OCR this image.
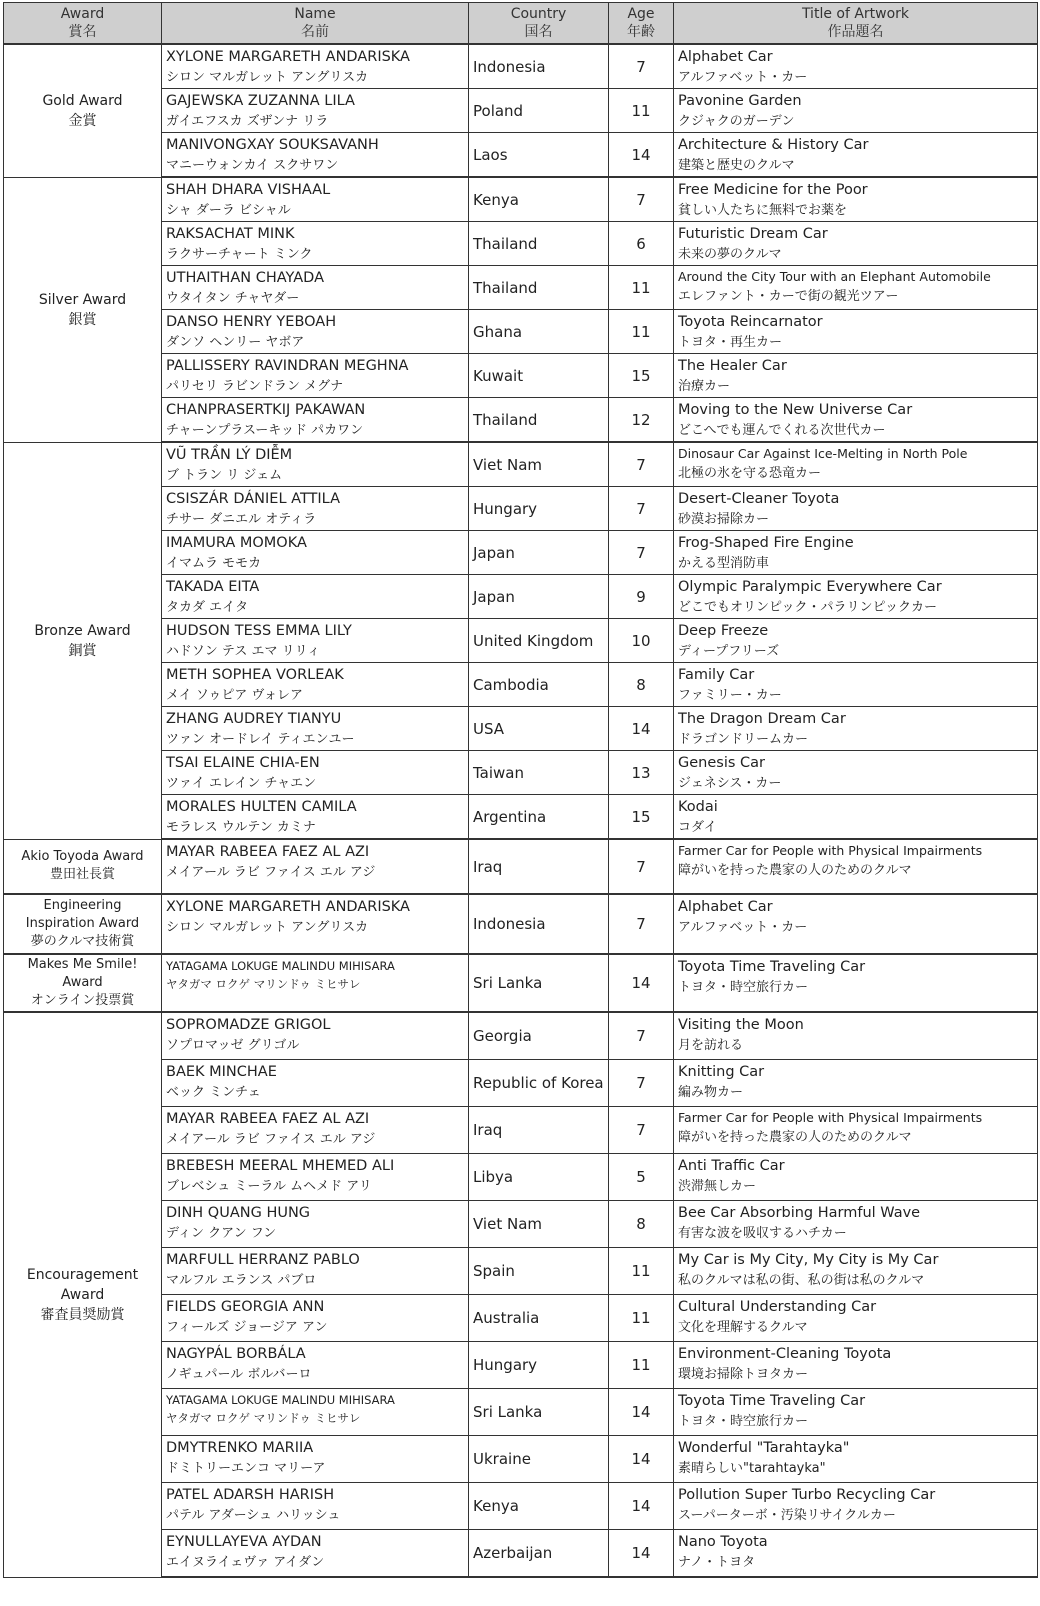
Award
賞名	Name
名前	Country
国名	Age
年齢	Title of Artwork
作品題名
Gold Award
金賞	XYLONE MARGARETH ANDARISKA
シロン マルガレット アングリスカ	Indonesia	7	Alphabet Car
アルファベット・カー

	GAJEWSKA ZUZANNA LILA
ガイエフスカ ズザンナ リラ	Poland	11	Pavonine Garden
クジャクのガーデン

	MANIVONGXAY SOUKSAVANH
マニーウォンカイ スクサワン	Laos	14	Architecture & History Car
建築と歴史のクルマ

Silver Award
銀賞	SHAH DHARA VISHAAL
シャ ダーラ ビシャル	Kenya	7	Free Medicine for the Poor
貧しい人たちに無料でお薬を

	RAKSACHAT MINK
ラクサーチャート ミンク	Thailand	6	Futuristic Dream Car
未来の夢のクルマ

	UTHAITHAN CHAYADA
ウタイタン チャヤダー	Thailand	11	Around the City Tour with an Elephant Automobile
エレファント・カーで街の観光ツアー

	DANSO HENRY YEBOAH
ダンソ ヘンリー ヤボア	Ghana	11	Toyota Reincarnator
トヨタ・再生カー

	PALLISSERY RAVINDRAN MEGHNA
パリセリ ラビンドラン メグナ	Kuwait	15	The Healer Car
治療カー

	CHANPRASERTKIJ PAKAWAN
チャーンプラスーキッド パカワン	Thailand	12	Moving to the New Universe Car
どこへでも運んでくれる次世代カー

Bronze Award
銅賞	VŨ TRẦN LÝ DIỄM
ブ トラン リ ジェム	Viet Nam	7	Dinosaur Car Against Ice-Melting in North Pole
北極の氷を守る恐竜カー

	CSISZÁR DÁNIEL ATTILA
チサー ダニエル オティラ	Hungary	7	Desert-Cleaner Toyota
砂漠お掃除カー

	IMAMURA MOMOKA
イマムラ モモカ	Japan	7	Frog-Shaped Fire Engine
かえる型消防車

	TAKADA EITA
タカダ エイタ	Japan	9	Olympic Paralympic Everywhere Car
どこでもオリンピック・パラリンピックカー

	HUDSON TESS EMMA LILY
ハドソン テス エマ リリィ	United Kingdom	10	Deep Freeze
ディープフリーズ

	METH SOPHEA VORLEAK
メイ ソゥピア ヴォレア	Cambodia	8	Family Car
ファミリー・カー

	ZHANG AUDREY TIANYU
ツァン オードレイ ティエンユー	USA	14	The Dragon Dream Car
ドラゴンドリームカー

	TSAI ELAINE CHIA-EN
ツァイ エレイン チャエン	Taiwan	13	Genesis Car
ジェネシス・カー

	MORALES HULTEN CAMILA
モラレス ウルテン カミナ	Argentina	15	Kodai
コダイ

Akio Toyoda Award
豊田社長賞	MAYAR RABEEA FAEZ AL AZI
メイアール ラビ ファイス エル アジ	Iraq	7	Farmer Car for People with Physical Impairments
障がいを持った農家の人のためのクルマ

Engineering
Inspiration Award
夢のクルマ技術賞	XYLONE MARGARETH ANDARISKA
シロン マルガレット アングリスカ	Indonesia	7	Alphabet Car
アルファベット・カー

Makes Me Smile!
Award
オンライン投票賞	YATAGAMA LOKUGE MALINDU MIHISARA
ヤタガマ ロクゲ マリンドゥ ミヒサレ	Sri Lanka	14	Toyota Time Traveling Car
トヨタ・時空旅行カー

Encouragement
Award
審査員奨励賞	SOPROMADZE GRIGOL
ソプロマッゼ グリゴル	Georgia	7	Visiting the Moon
月を訪れる

	BAEK MINCHAE
ベック ミンチェ	Republic of Korea	7	Knitting Car
編み物カー

	MAYAR RABEEA FAEZ AL AZI
メイアール ラビ ファイス エル アジ	Iraq	7	Farmer Car for People with Physical Impairments
障がいを持った農家の人のためのクルマ

	BREBESH MEERAL MHEMED ALI
ブレベシュ ミーラル ムヘメド アリ	Libya	5	Anti Traffic Car
渋滞無しカー

	DINH QUANG HUNG
ディン クアン フン	Viet Nam	8	Bee Car Absorbing Harmful Wave
有害な波を吸収するハチカー

	MARFULL HERRANZ PABLO
マルフル エランス パブロ	Spain	11	My Car is My City, My City is My Car
私のクルマは私の街、私の街は私のクルマ

	FIELDS GEORGIA ANN
フィールズ ジョージア アン	Australia	11	Cultural Understanding Car
文化を理解するクルマ

	NAGYPÁL BORBÁLA
ノギュパール ボルバーロ	Hungary	11	Environment-Cleaning Toyota
環境お掃除トヨタカー

	YATAGAMA LOKUGE MALINDU MIHISARA
ヤタガマ ロクゲ マリンドゥ ミヒサレ	Sri Lanka	14	Toyota Time Traveling Car
トヨタ・時空旅行カー

	DMYTRENKO MARIIA
ドミトリーエンコ マリーア	Ukraine	14	Wonderful "Tarahtayka"
素晴らしい"tarahtayka"

	PATEL ADARSH HARISH
パテル アダーシュ ハリッシュ	Kenya	14	Pollution Super Turbo Recycling Car
スーパーターボ・汚染リサイクルカー

	EYNULLAYEVA AYDAN
エイヌライェヴァ アイダン	Azerbaijan	14	Nano Toyota
ナノ・トヨタ
